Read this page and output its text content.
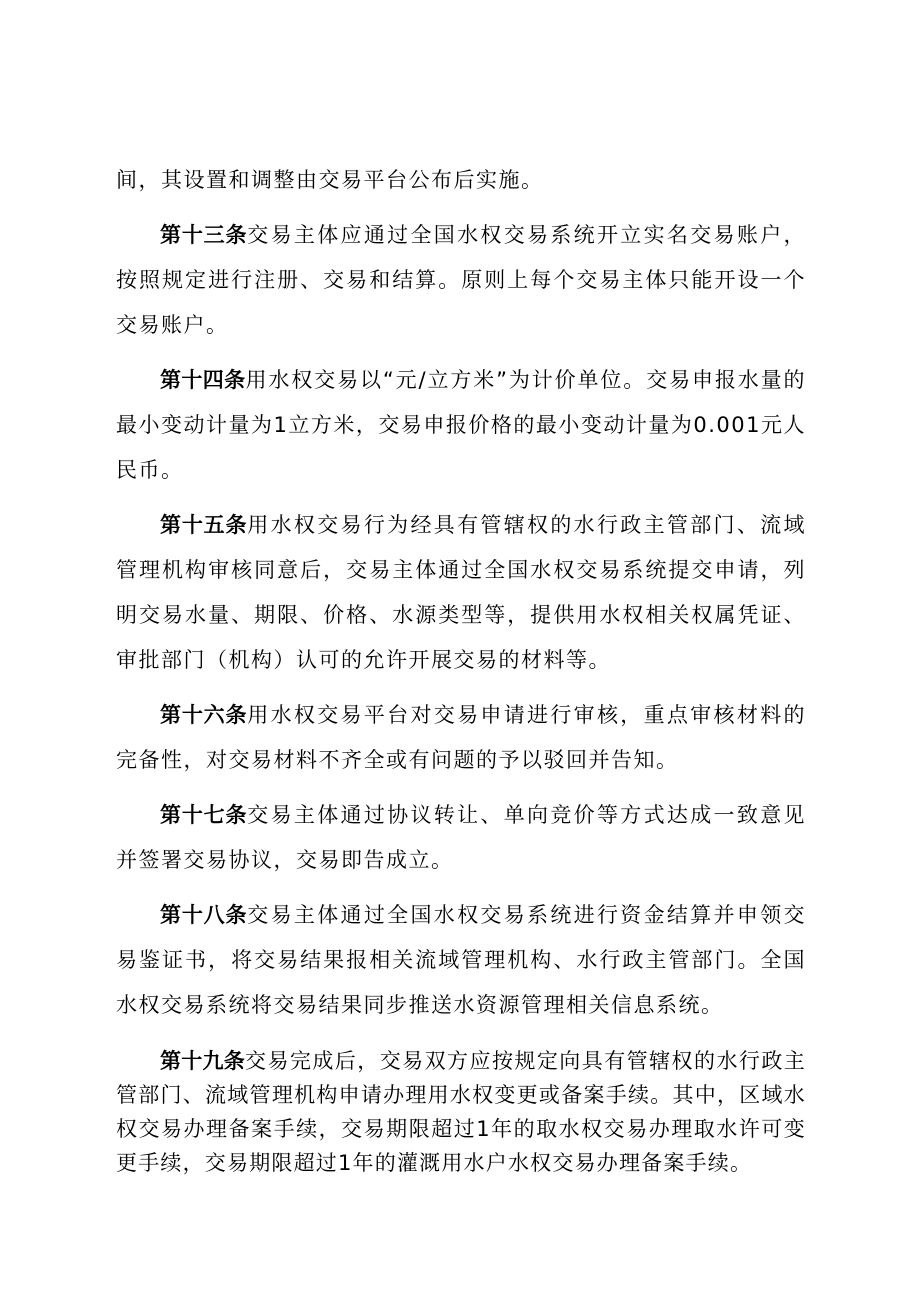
间，其设置和调整由交易平台公布后实施。

第十三条交易主体应通过全国水权交易系统开立实名交易账户，按照规定进行注册、交易和结算。原则上每个交易主体只能开设一个交易账户。

第十四条用水权交易以“元/立方米”为计价单位。交易申报水量的最小变动计量为1立方米，交易申报价格的最小变动计量为0.001元人民币。

第十五条用水权交易行为经具有管辖权的水行政主管部门、流域管理机构审核同意后，交易主体通过全国水权交易系统提交申请，列明交易水量、期限、价格、水源类型等，提供用水权相关权属凭证、审批部门（机构）认可的允许开展交易的材料等。

第十六条用水权交易平台对交易申请进行审核，重点审核材料的完备性，对交易材料不齐全或有问题的予以驳回并告知。

第十七条交易主体通过协议转让、单向竞价等方式达成一致意见并签署交易协议，交易即告成立。

第十八条交易主体通过全国水权交易系统进行资金结算并申领交易鉴证书，将交易结果报相关流域管理机构、水行政主管部门。全国水权交易系统将交易结果同步推送水资源管理相关信息系统。

第十九条交易完成后，交易双方应按规定向具有管辖权的水行政主管部门、流域管理机构申请办理用水权变更或备案手续。其中，区域水权交易办理备案手续，交易期限超过1年的取水权交易办理取水许可变更手续，交易期限超过1年的灌溉用水户水权交易办理备案手续。
